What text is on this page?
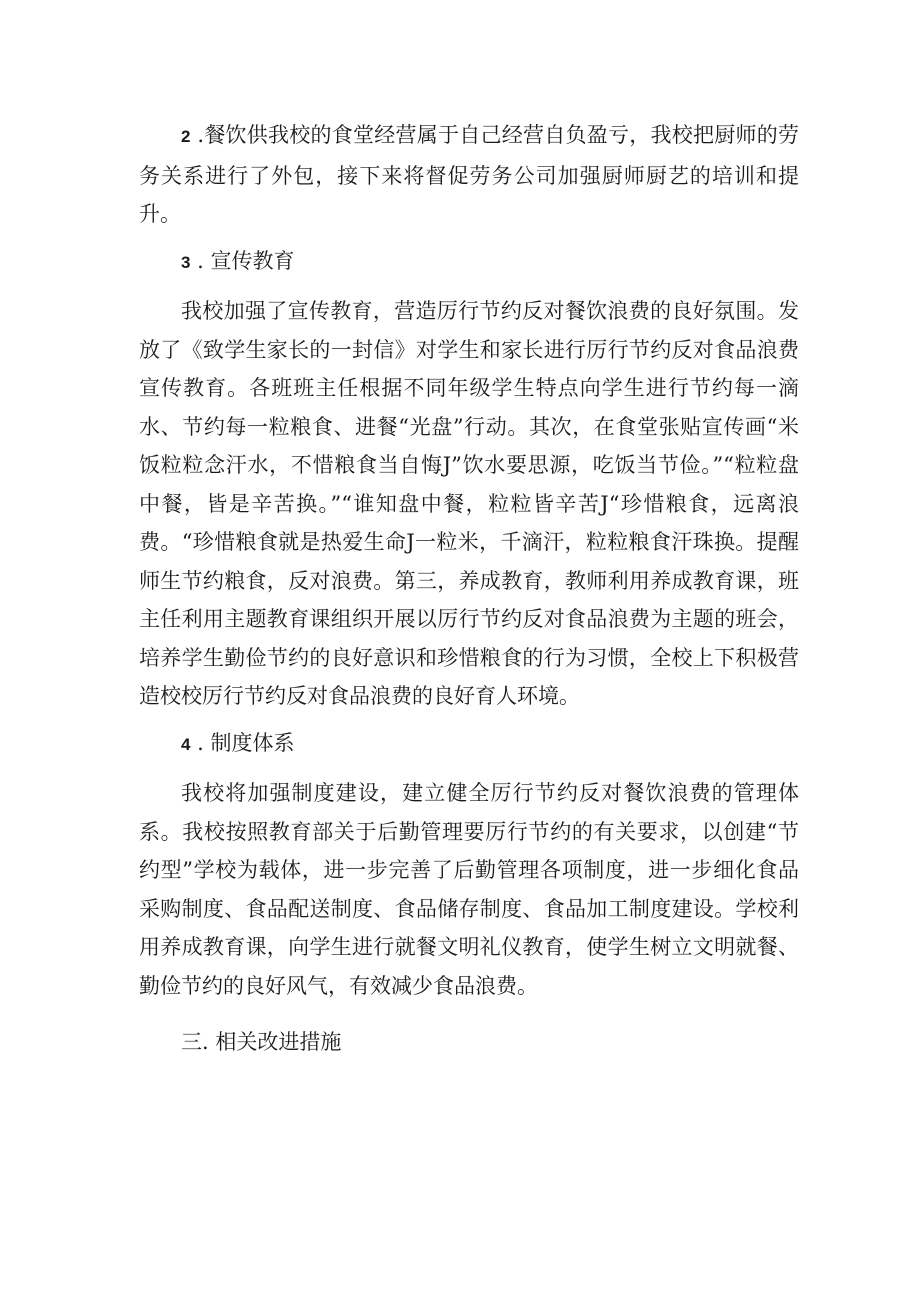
2 .餐饮供我校的食堂经营属于自己经营自负盈亏，我校把厨师的劳务关系进行了外包，接下来将督促劳务公司加强厨师厨艺的培训和提升。

3 . 宣传教育

我校加强了宣传教育，营造厉行节约反对餐饮浪费的良好氛围。发放了《致学生家长的一封信》对学生和家长进行厉行节约反对食品浪费宣传教育。各班班主任根据不同年级学生特点向学生进行节约每一滴水、节约每一粒粮食、进餐“光盘”行动。其次，在食堂张贴宣传画“米饭粒粒念汗水，不惜粮食当自悔J”饮水要思源，吃饭当节俭。”“粒粒盘中餐，皆是辛苦换。”“谁知盘中餐，粒粒皆辛苦J“珍惜粮食，远离浪费。“珍惜粮食就是热爱生命J一粒米，千滴汗，粒粒粮食汗珠换。提醒师生节约粮食，反对浪费。第三，养成教育，教师利用养成教育课，班主任利用主题教育课组织开展以厉行节约反对食品浪费为主题的班会，培养学生勤俭节约的良好意识和珍惜粮食的行为习惯，全校上下积极营造校校厉行节约反对食品浪费的良好育人环境。

4 . 制度体系

我校将加强制度建设，建立健全厉行节约反对餐饮浪费的管理体系。我校按照教育部关于后勤管理要厉行节约的有关要求，以创建“节约型”学校为载体，进一步完善了后勤管理各项制度，进一步细化食品采购制度、食品配送制度、食品储存制度、食品加工制度建设。学校利用养成教育课，向学生进行就餐文明礼仪教育，使学生树立文明就餐、勤俭节约的良好风气，有效减少食品浪费。

三. 相关改进措施
